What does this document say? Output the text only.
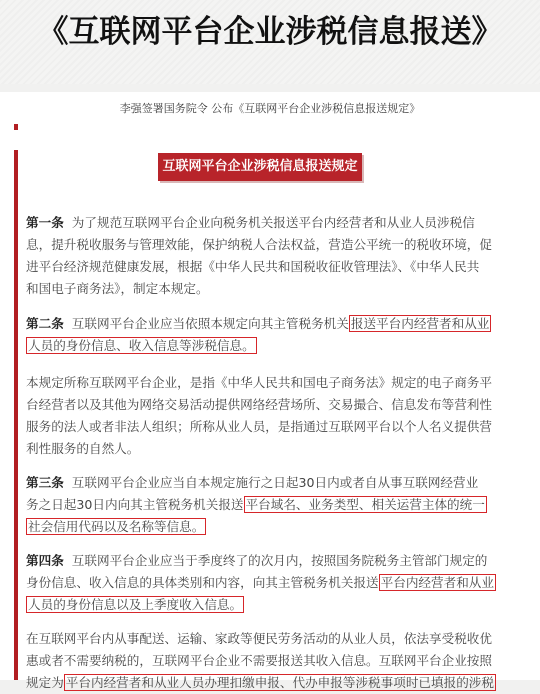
《互联网平台企业涉税信息报送》
李强签署国务院令 公布《互联网平台企业涉税信息报送规定》
互联网平台企业涉税信息报送规定
第一条 为了规范互联网平台企业向税务机关报送平台内经营者和从业人员涉税信
息，提升税收服务与管理效能，保护纳税人合法权益，营造公平统一的税收环境，促
进平台经济规范健康发展，根据《中华人民共和国税收征收管理法》、《中华人民共
和国电子商务法》，制定本规定。
第二条 互联网平台企业应当依照本规定向其主管税务机关 报送平台内经营者和从业
人员的身份信息、收入信息等涉税信息。
本规定所称互联网平台企业，是指《中华人民共和国电子商务法》规定的电子商务平
台经营者以及其他为网络交易活动提供网络经营场所、交易撮合、信息发布等营利性
服务的法人或者非法人组织；所称从业人员，是指通过互联网平台以个人名义提供营
利性服务的自然人。
第三条 互联网平台企业应当自本规定施行之日起30日内或者自从事互联网经营业
务之日起30日内向其主管税务机关报送 平台域名、业务类型、相关运营主体的统一
社会信用代码以及名称等信息。
第四条 互联网平台企业应当于季度终了的次月内，按照国务院税务主管部门规定的
身份信息、收入信息的具体类别和内容，向其主管税务机关报送 平台内经营者和从业
人员的身份信息以及上季度收入信息。
在互联网平台内从事配送、运输、家政等便民劳务活动的从业人员，依法享受税收优
惠或者不需要纳税的，互联网平台企业不需要报送其收入信息。互联网平台企业按照
规定为 平台内经营者和从业人员办理扣缴申报、代办申报等涉税事项时已填报的涉税
